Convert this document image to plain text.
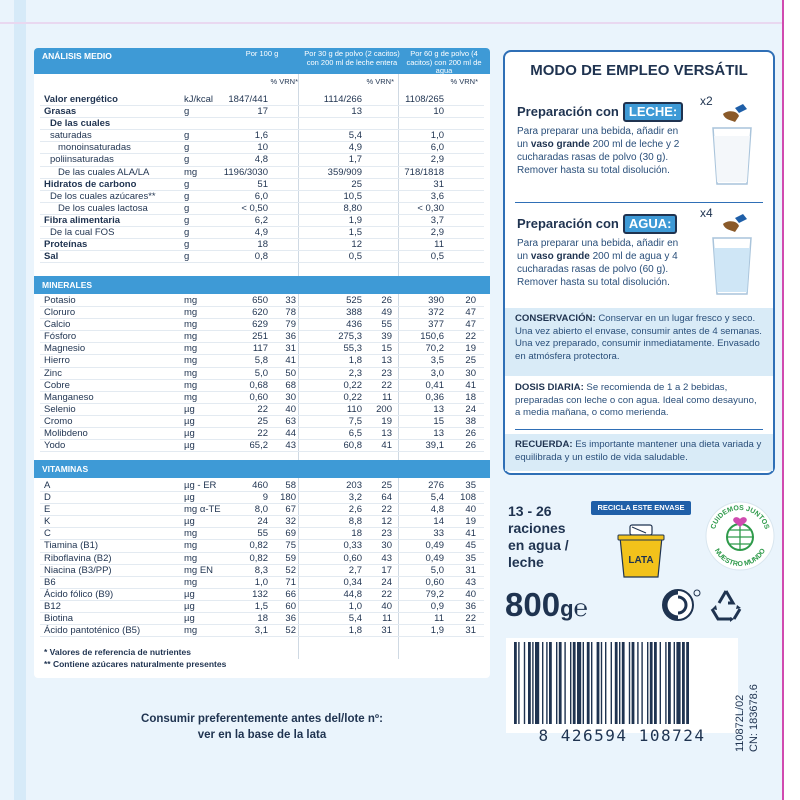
ANÁLISIS MEDIO	Por 100 g	Por 30 g de polvo (2 cacitos) con 200 ml de leche entera
Por 60 g de polvo (4 cacitos) con 200 ml de agua
% VRN*	% VRN*	% VRN*
Valor energético	kJ/kcal 1847/441	1114/266	1108/265
Grasas	g	17	13	10
De las cuales
saturadas	g	1,6	5,4	1,0
monoinsaturadas	g	10	4,9	6,0
poliinsaturadas	g	4,8	1,7	2,9
De las cuales ALA/LA	mg	1196/3030	359/909	718/1818
Hidratos de carbono	g	51	25	31
De los cuales azúcares**	g	6,0	10,5	3,6
De los cuales lactosa	g	< 0,50	8,80	< 0,30
Fibra alimentaria	g	6,2	1,9	3,7
De la cual FOS	g	4,9	1,5	2,9
Proteínas	g	18	12	11
Sal	g	0,8	0,5	0,5
MINERALES
Potasio	mg	650 33	525 26	390 20
Cloruro	mg	620 78	388 49	372 47
Calcio	mg	629 79	436 55	377 47
Fósforo	mg	251 36	275,3 39	150,6 22
Magnesio	mg	117 31	55,3 15	70,2 19
Hierro	mg	5,8 41	1,8 13	3,5 25
Zinc	mg	5,0 50	2,3 23	3,0 30
Cobre	mg	0,68 68	0,22 22	0,41 41
Manganeso	mg	0,60 30	0,22 11	0,36 18
Selenio	µg	22 40	110 200	13 24
Cromo	µg	25 63	7,5 19	15 38
Molibdeno	µg	22 44	6,5 13	13 26
Yodo	µg	65,2 43	60,8 41	39,1 26
VITAMINAS
A	µg - ER	460 58	203 25	276 35
D	µg	9 180	3,2 64	5,4 108
E	mg α-TE	8,0 67	2,6 22	4,8 40
K	µg	24 32	8,8 12	14 19
C	mg	55 69	18 23	33 41
Tiamina (B1)	mg	0,82 75	0,33 30	0,49 45
Riboflavina (B2)	mg	0,82 59	0,60 43	0,49 35
Niacina (B3/PP)	mg EN	8,3 52	2,7 17	5,0 31
B6	mg	1,0 71	0,34 24	0,60 43
Ácido fólico (B9)	µg	132 66	44,8 22	79,2 40
B12	µg	1,5 60	1,0 40	0,9 36
Biotina	µg	18 36	5,4 11	11 22
Ácido pantoténico (B5)	mg	3,1 52	1,8 31	1,9 31
* Valores de referencia de nutrientes
** Contiene azúcares naturalmente presentes
Consumir preferentemente antes del/lote nº:
ver en la base de la lata
MODO DE EMPLEO VERSÁTIL
Preparación con LECHE:
Para preparar una bebida, añadir en un vaso grande 200 ml de leche y 2 cucharadas rasas de polvo (30 g). Remover hasta su total disolución.
x2
Preparación con AGUA:
Para preparar una bebida, añadir en un vaso grande 200 ml de agua y 4 cucharadas rasas de polvo (60 g). Remover hasta su total disolución.
x4
CONSERVACIÓN: Conservar en un lugar fresco y seco. Una vez abierto el envase, consumir antes de 4 semanas. Una vez preparado, consumir inmediatamente. Envasado en atmósfera protectora.
DOSIS DIARIA: Se recomienda de 1 a 2 bebidas, preparadas con leche o con agua. Ideal como desayuno, a media mañana, o como merienda.
RECUERDA: Es importante mantener una dieta variada y equilibrada y un estilo de vida saludable.
13 - 26
raciones
en agua /
leche
RECICLA ESTE ENVASE
LATA
CUIDEMOS JUNTOS
NUESTRO MUNDO
800g℮
8 426594 108724	110872L/02 CN: 183678.6
